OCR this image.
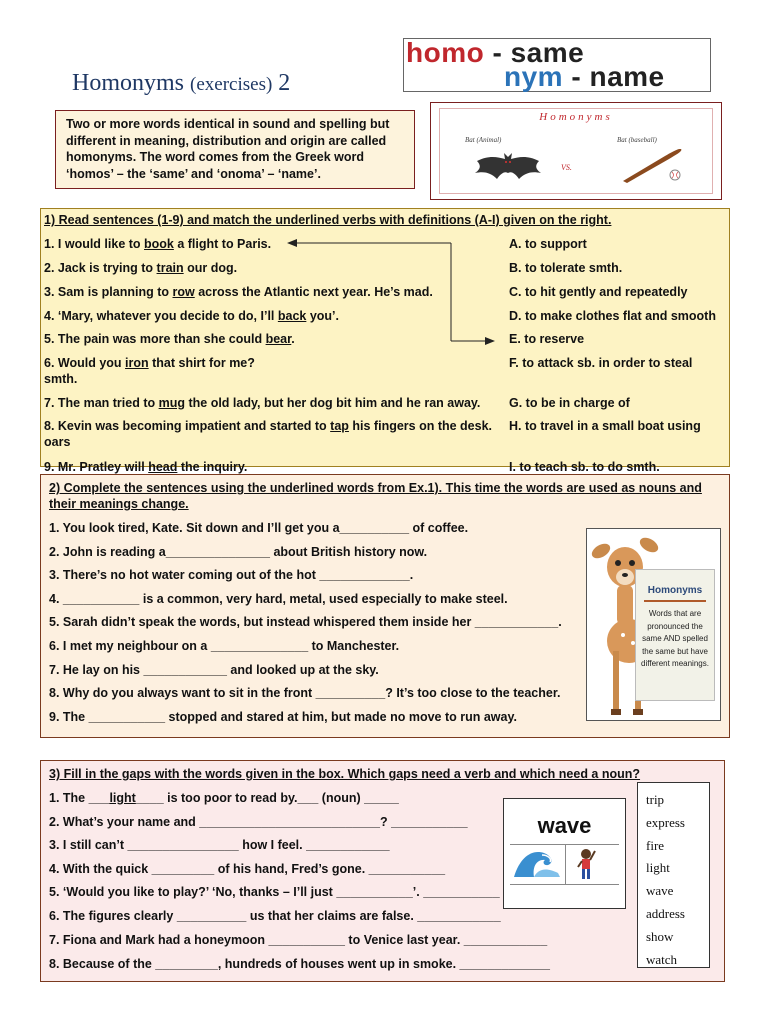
Homonyms (exercises) 2
homo - same
nym - name
Two or more words identical in sound and spelling but different in meaning, distribution and origin are called homonyms. The word comes from the Greek word ‘homos’ – the ‘same’ and ‘onoma’ – ‘name’.
Homonyms
Bat (Animal)	Bat (baseball)
VS.
1) Read sentences (1-9) and match the underlined verbs with definitions (A-I) given on the right.
1. I would like to book a flight to Paris.
2. Jack is trying to train our dog.
3. Sam is planning to row across the Atlantic next year. He’s mad.
4. ‘Mary, whatever you decide to do, I’ll back you’.
5. The pain was more than she could bear.
6. Would you iron that shirt for me?
smth.
7. The man tried to mug the old lady, but her dog bit him and he ran away.
8. Kevin was becoming impatient and started to tap his fingers on the desk.
oars
9. Mr. Pratley will head the inquiry.
A. to support
B. to tolerate smth.
C. to hit gently and repeatedly
D. to make clothes flat and smooth
E. to reserve
F. to attack sb. in order to steal
G. to be in charge of
H. to travel in a small boat using
I. to teach sb. to do smth.
2) Complete the sentences using the underlined words from Ex.1). This time the words are used as nouns and
their meanings change.
1. You look tired, Kate. Sit down and I’ll get you a__________ of coffee.
2. John is reading a_______________ about British history now.
3. There’s no hot water coming out of the hot _____________.
4. ___________ is a common, very hard, metal, used especially to make steel.
5. Sarah didn’t speak the words, but instead whispered them inside her ____________.
6. I met my neighbour on a ______________ to Manchester.
7. He lay on his ____________ and looked up at the sky.
8. Why do you always want to sit in the front __________? It’s too close to the teacher.
9. The ___________ stopped and stared at him, but made no move to run away.
Homonyms
Words that are pronounced the same AND spelled the same but have different meanings.
3) Fill in the gaps with the words given in the box. Which gaps need a verb and which need a noun?
1. The ___light____ is too poor to read by.___ (noun) _____
2. What’s your name and __________________________? ___________
3. I still can’t ________________ how I feel. ____________
4. With the quick _________ of his hand, Fred’s gone. ___________
5. ‘Would you like to play?’ ‘No, thanks – I’ll just ___________’. ___________
6. The figures clearly __________ us that her claims are false. ____________
7. Fiona and Mark had a honeymoon ___________ to Venice last year. ____________
8. Because of the _________, hundreds of houses went up in smoke. _____________
wave
trip
express
fire
light
wave
address
show
watch
